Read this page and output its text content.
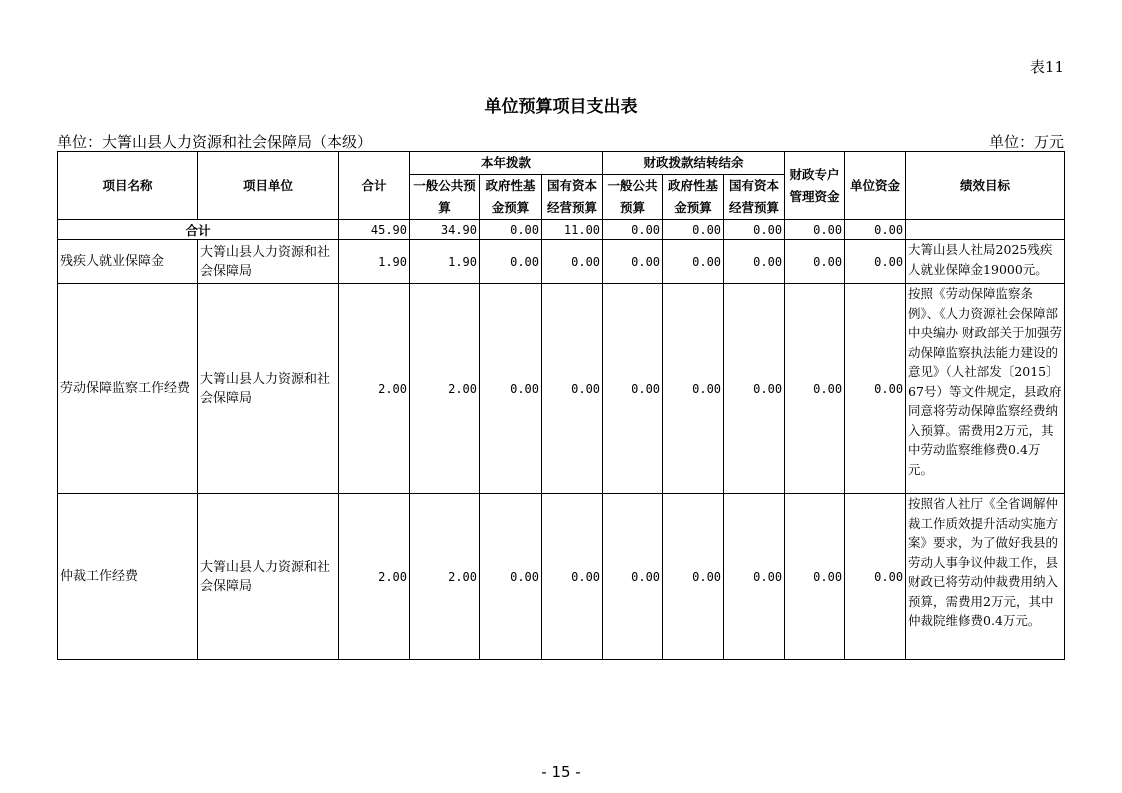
表11
单位预算项目支出表
单位：大箐山县人力资源和社会保障局（本级）	单位：万元
项目名称	项目单位	合计	本年拨款			财政拨款结转结余			财政专户管理资金	单位资金	绩效目标
			一般公共预算	政府性基金预算	国有资本经营预算	一般公共预算	政府性基金预算	国有资本经营预算			

合计		45.90	34.90	0.00	11.00	0.00	0.00	0.00	0.00	0.00	
残疾人就业保障金	大箐山县人力资源和社会保障局	1.90	1.90	0.00	0.00	0.00	0.00	0.00	0.00	0.00	大箐山县人社局2025残疾人就业保障金19000元。
劳动保障监察工作经费	大箐山县人力资源和社会保障局	2.00	2.00	0.00	0.00	0.00	0.00	0.00	0.00	0.00	按照《劳动保障监察条例》、《人力资源社会保障部 中央编办 财政部关于加强劳动保障监察执法能力建设的意见》（人社部发〔2015〕67号）等文件规定，县政府同意将劳动保障监察经费纳入预算。需费用2万元，其中劳动监察维修费0.4万元。
仲裁工作经费	大箐山县人力资源和社会保障局	2.00	2.00	0.00	0.00	0.00	0.00	0.00	0.00	0.00	按照省人社厅《全省调解仲裁工作质效提升活动实施方案》要求，为了做好我县的劳动人事争议仲裁工作，县财政已将劳动仲裁费用纳入预算，需费用2万元，其中仲裁院维修费0.4万元。
- 15 -
